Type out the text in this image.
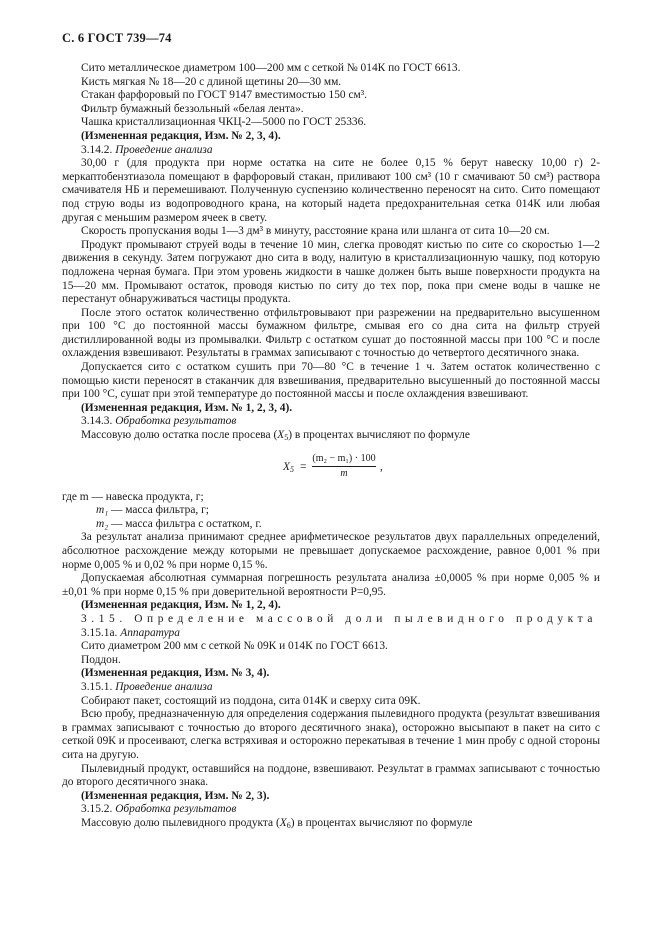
С. 6 ГОСТ 739—74

Сито металлическое диаметром 100—200 мм с сеткой № 014К по ГОСТ 6613.

Кисть мягкая № 18—20 с длиной щетины 20—30 мм.

Стакан фарфоровый по ГОСТ 9147 вместимостью 150 см³.

Фильтр бумажный беззольный «белая лента».

Чашка кристаллизационная ЧКЦ-2—5000 по ГОСТ 25336.

(Измененная редакция, Изм. № 2, 3, 4).

3.14.2. Проведение анализа

30,00 г (для продукта при норме остатка на сите не более 0,15 % берут навеску 10,00 г) 2-меркаптобензтиазола помещают в фарфоровый стакан, приливают 100 см³ (10 г смачивают 50 см³) раствора смачивателя НБ и перемешивают. Полученную суспензию количественно переносят на сито. Сито помещают под струю воды из водопроводного крана, на который надета предохранительная сетка 014К или любая другая с меньшим размером ячеек в свету.

Скорость пропускания воды 1—3 дм³ в минуту, расстояние крана или шланга от сита 10—20 см.

Продукт промывают струей воды в течение 10 мин, слегка проводят кистью по сите со скоростью 1—2 движения в секунду. Затем погружают дно сита в воду, налитую в кристаллизационную чашку, под которую подложена черная бумага. При этом уровень жидкости в чашке должен быть выше поверхности продукта на 15—20 мм. Промывают остаток, проводя кистью по ситу до тех пор, пока при смене воды в чашке не перестанут обнаруживаться частицы продукта.

После этого остаток количественно отфильтровывают при разрежении на предварительно высушенном при 100 °С до постоянной массы бумажном фильтре, смывая его со дна сита на фильтр струей дистиллированной воды из промывалки. Фильтр с остатком сушат до постоянной массы при 100 °С и после охлаждения взвешивают. Результаты в граммах записывают с точностью до четвертого десятичного знака.

Допускается сито с остатком сушить при 70—80 °С в течение 1 ч. Затем остаток количественно с помощью кисти переносят в стаканчик для взвешивания, предварительно высушенный до постоянной массы при 100 °С, сушат при этой температуре до постоянной массы и после охлаждения взвешивают.

(Измененная редакция, Изм. № 1, 2, 3, 4).

3.14.3. Обработка результатов

Массовую долю остатка после просева $(X_5)$ в процентах вычисляют по формуле

$X_5 = \frac{\text{(m₂ − m₁) · 100}}{m}$ ,

где m — навеска продукта, г;

m₁ — масса фильтра, г;

m₂ — масса фильтра с остатком, г.

За результат анализа принимают среднее арифметическое результатов двух параллельных определений, абсолютное расхождение между которыми не превышает допускаемое расхождение, равное 0,001 % при норме 0,005 % и 0,02 % при норме 0,15 %.

Допускаемая абсолютная суммарная погрешность результата анализа ±0,0005 % при норме 0,005 % и ±0,01 % при норме 0,15 % при доверительной вероятности P=0,95.

(Измененная редакция, Изм. № 1, 2, 4).

3.15. Определение массовой доли пылевидного продукта

3.15.1а. Аппаратура

Сито диаметром 200 мм с сеткой № 09К и 014К по ГОСТ 6613.

Поддон.

(Измененная редакция, Изм. № 3, 4).

3.15.1. Проведение анализа

Собирают пакет, состоящий из поддона, сита 014К и сверху сита 09К.

Всю пробу, предназначенную для определения содержания пылевидного продукта (результат взвешивания в граммах записывают с точностью до второго десятичного знака), осторожно высыпают в пакет на сито с сеткой 09К и просеивают, слегка встряхивая и осторожно перекатывая в течение 1 мин пробу с одной стороны сита на другую.

Пылевидный продукт, оставшийся на поддоне, взвешивают. Результат в граммах записывают с точностью до второго десятичного знака.

(Измененная редакция, Изм. № 2, 3).

3.15.2. Обработка результатов

Массовую долю пылевидного продукта $(X_6)$ в процентах вычисляют по формуле
